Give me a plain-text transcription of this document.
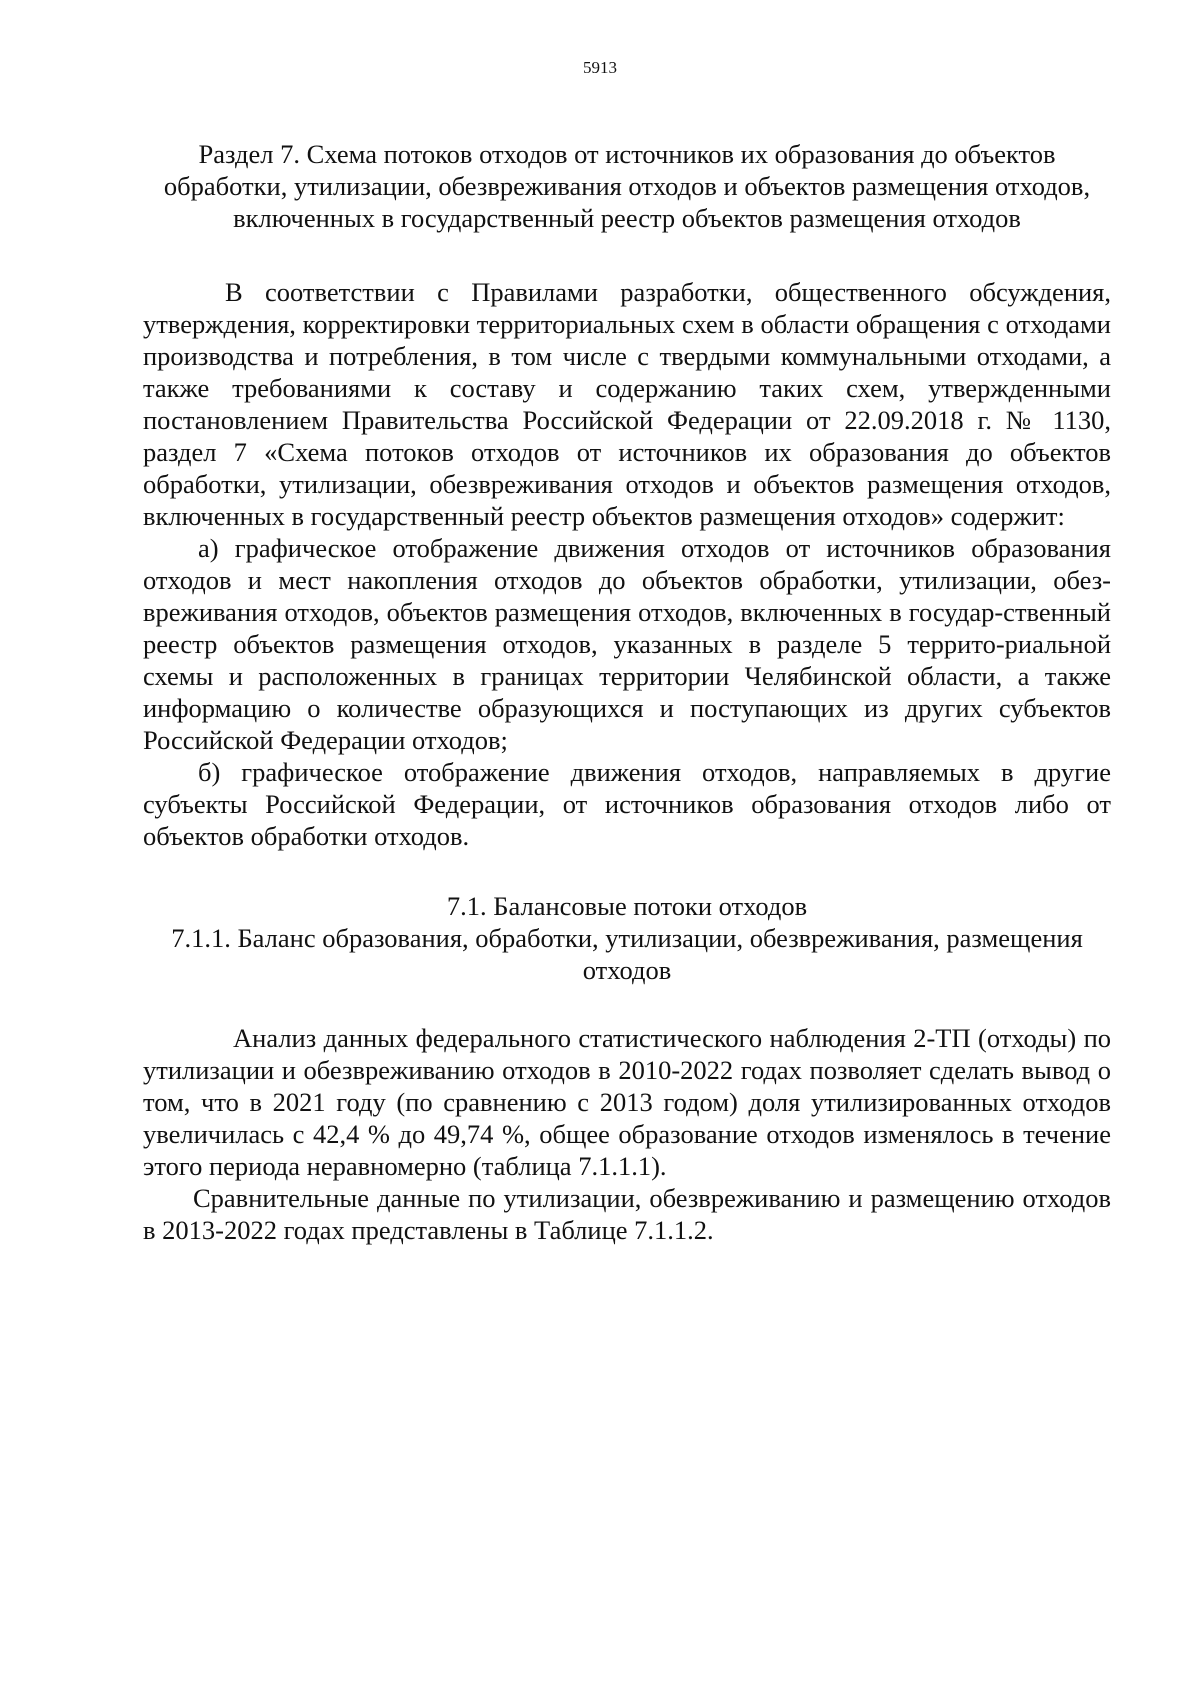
5913
Раздел 7. Схема потоков отходов от источников их образования до объектов обработки, утилизации, обезвреживания отходов и объектов размещения отходов, включенных в государственный реестр объектов размещения отходов

В соответствии с Правилами разработки, общественного обсуждения, утверждения, корректировки территориальных схем в области обращения с отходами производства и потребления, в том числе с твердыми коммунальными отходами, а также требованиями к составу и содержанию таких схем, утвержденными постановлением Правительства Российской Федерации от 22.09.2018 г. № 1130, раздел 7 «Схема потоков отходов от источников их образования до объектов обработки, утилизации, обезвреживания отходов и объектов размещения отходов, включенных в государственный реестр объектов размещения отходов» содержит:

а) графическое отображение движения отходов от источников образования отходов и мест накопления отходов до объектов обработки, утилизации, обез-вреживания отходов, объектов размещения отходов, включенных в государ-ственный реестр объектов размещения отходов, указанных в разделе 5 террито-риальной схемы и расположенных в границах территории Челябинской области, а также информацию о количестве образующихся и поступающих из других субъектов Российской Федерации отходов;

б) графическое отображение движения отходов, направляемых в другие субъекты Российской Федерации, от источников образования отходов либо от объектов обработки отходов.

7.1. Балансовые потоки отходов
7.1.1. Баланс образования, обработки, утилизации, обезвреживания, размещения отходов

Анализ данных федерального статистического наблюдения 2-ТП (отходы) по утилизации и обезвреживанию отходов в 2010-2022 годах позволяет сделать вывод о том, что в 2021 году (по сравнению с 2013 годом) доля утилизированных отходов увеличилась с 42,4 % до 49,74 %, общее образование отходов изменялось в течение этого периода неравномерно (таблица 7.1.1.1).

Сравнительные данные по утилизации, обезвреживанию и размещению отходов в 2013-2022 годах представлены в Таблице 7.1.1.2.
